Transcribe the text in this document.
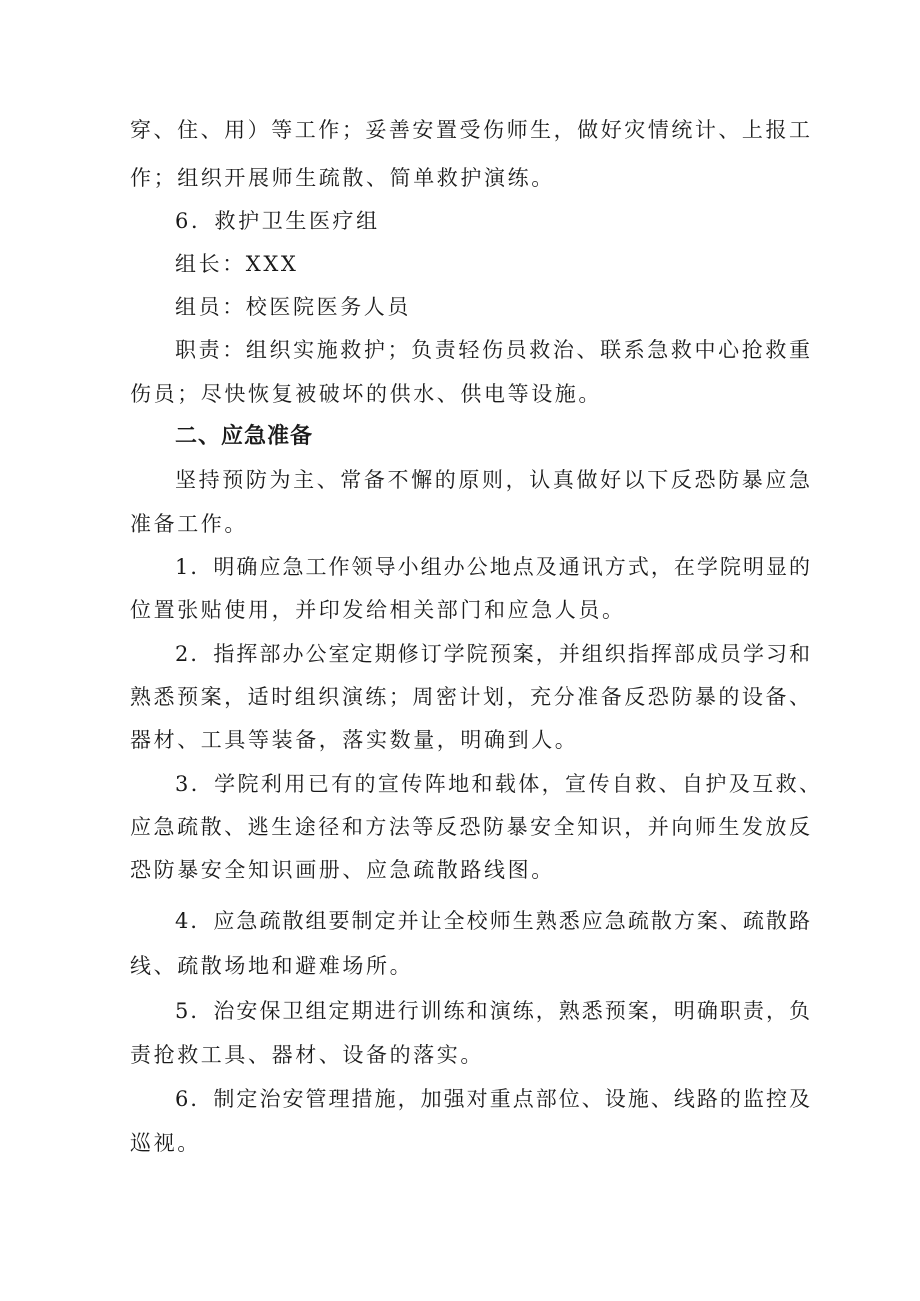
穿、住、用）等工作；妥善安置受伤师生，做好灾情统计、上报工
作；组织开展师生疏散、简单救护演练。
6．救护卫生医疗组
组长：XXX
组员：校医院医务人员
职责：组织实施救护；负责轻伤员救治、联系急救中心抢救重
伤员；尽快恢复被破坏的供水、供电等设施。
二、应急准备
坚持预防为主、常备不懈的原则，认真做好以下反恐防暴应急
准备工作。
1．明确应急工作领导小组办公地点及通讯方式，在学院明显的
位置张贴使用，并印发给相关部门和应急人员。
2．指挥部办公室定期修订学院预案，并组织指挥部成员学习和
熟悉预案，适时组织演练；周密计划，充分准备反恐防暴的设备、
器材、工具等装备，落实数量，明确到人。
3．学院利用已有的宣传阵地和载体，宣传自救、自护及互救、
应急疏散、逃生途径和方法等反恐防暴安全知识，并向师生发放反
恐防暴安全知识画册、应急疏散路线图。
4．应急疏散组要制定并让全校师生熟悉应急疏散方案、疏散路
线、疏散场地和避难场所。
5．治安保卫组定期进行训练和演练，熟悉预案，明确职责，负
责抢救工具、器材、设备的落实。
6．制定治安管理措施，加强对重点部位、设施、线路的监控及
巡视。
